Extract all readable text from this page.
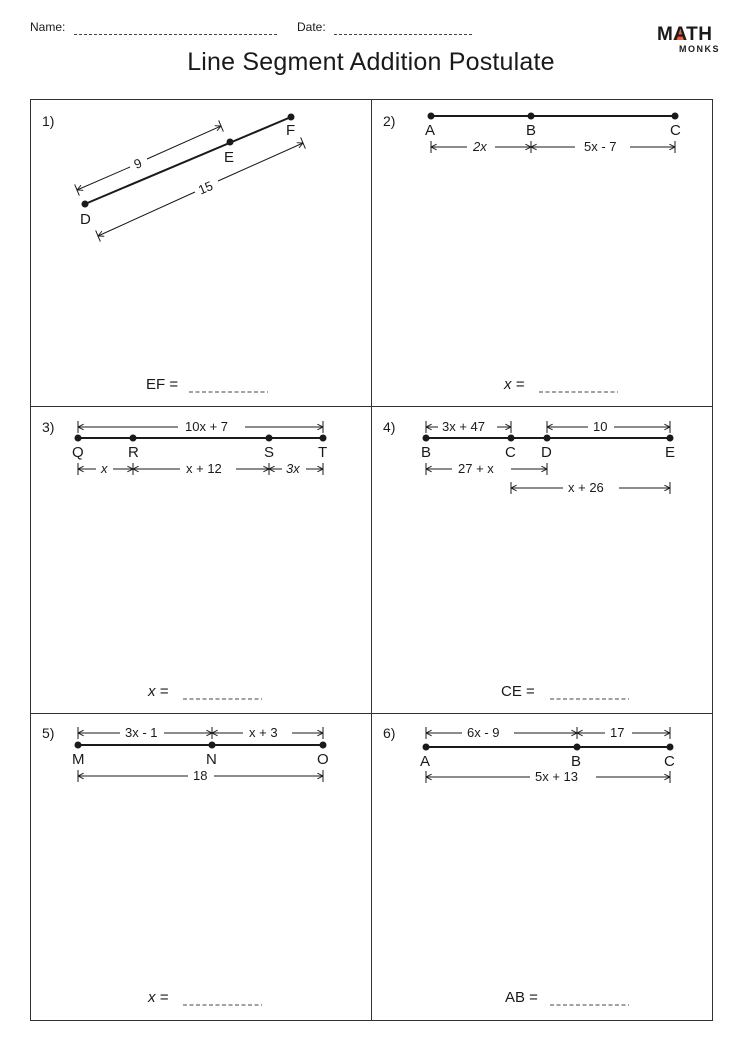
Name:	Date:
Line Segment Addition Postulate
MATH
MONKS
1)
D
E
F
9
15
EF =
2)
A	B	C
2x	5x - 7
x =
3)	10x + 7
Q	R	S	T
x	x + 12	3x
x =
4)	3x + 47	10
B	C D	E
27 + x
x + 26
CE =
5)	3x - 1	x + 3
M	N	O
18
x =
6)	6x - 9	17
A	B	C
5x + 13
AB =
